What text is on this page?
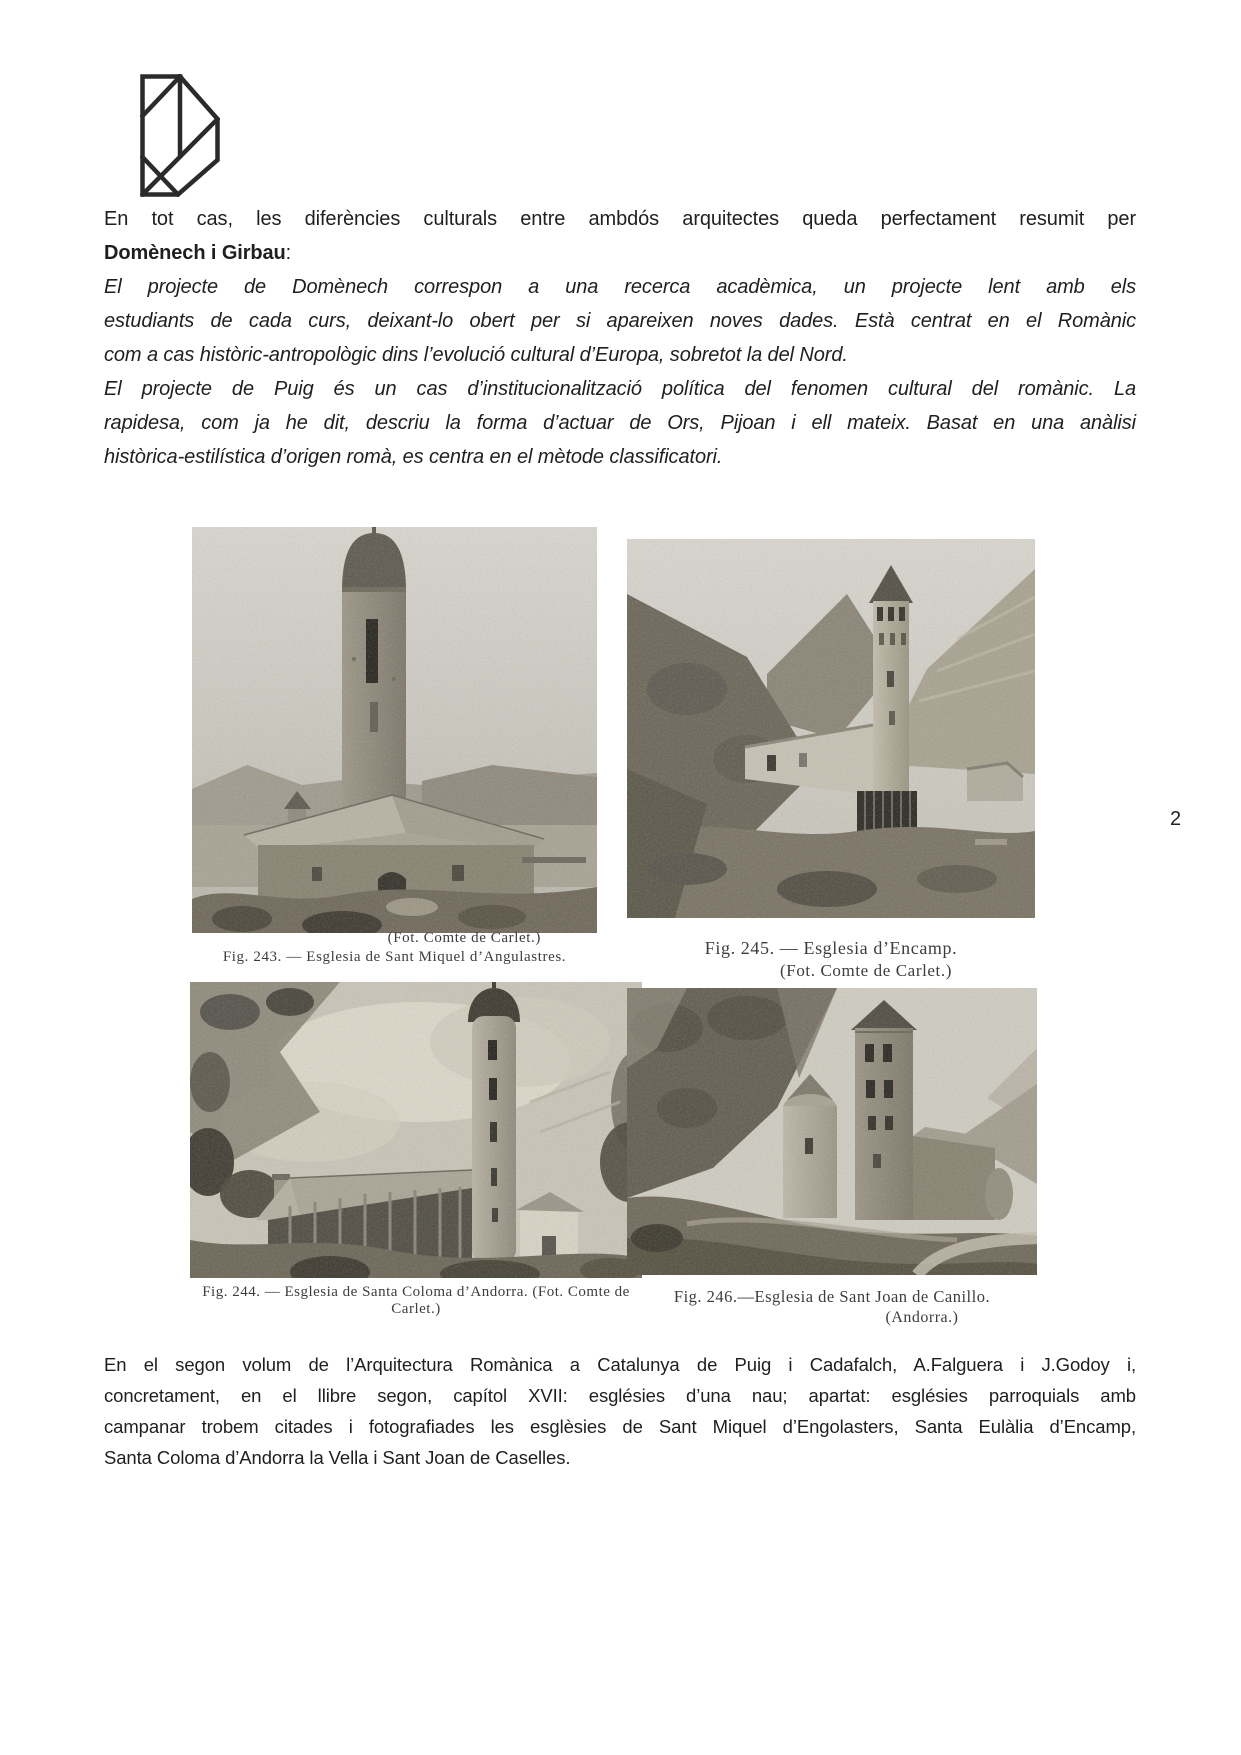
En tot cas, les diferències culturals entre ambdós arquitectes queda perfectament resumit per
Domènech i Girbau:
El projecte de Domènech correspon a una recerca acadèmica, un projecte lent amb els
estudiants de cada curs, deixant-lo obert per si apareixen noves dades. Està centrat en el Romànic
com a cas històric-antropològic dins l’evolució cultural d’Europa, sobretot la del Nord.
El projecte de Puig és un cas d’institucionalització política del fenomen cultural del romànic. La
rapidesa, com ja he dit, descriu la forma d’actuar de Ors, Pijoan i ell mateix. Basat en una anàlisi
històrica-estilística d’origen romà, es centra en el mètode classificatori.
(Fot. Comte de Carlet.)
Fig. 243. — Esglesia de Sant Miquel d’Angulastres.	Fig. 245. — Esglesia d’Encamp.
(Fot. Comte de Carlet.)
Fig. 244. — Esglesia de Santa Coloma d’Andorra. (Fot. Comte de Carlet.)
Fig. 246.—Esglesia de Sant Joan de Canillo.
(Andorra.)
2
En el segon volum de l’Arquitectura Romànica a Catalunya de Puig i Cadafalch, A.Falguera i J.Godoy i,
concretament, en el llibre segon, capítol XVII: esglésies d’una nau; apartat: esglésies parroquials amb
campanar trobem citades i fotografiades les esglèsies de Sant Miquel d’Engolasters, Santa Eulàlia d’Encamp,
Santa Coloma d’Andorra la Vella i Sant Joan de Caselles.
